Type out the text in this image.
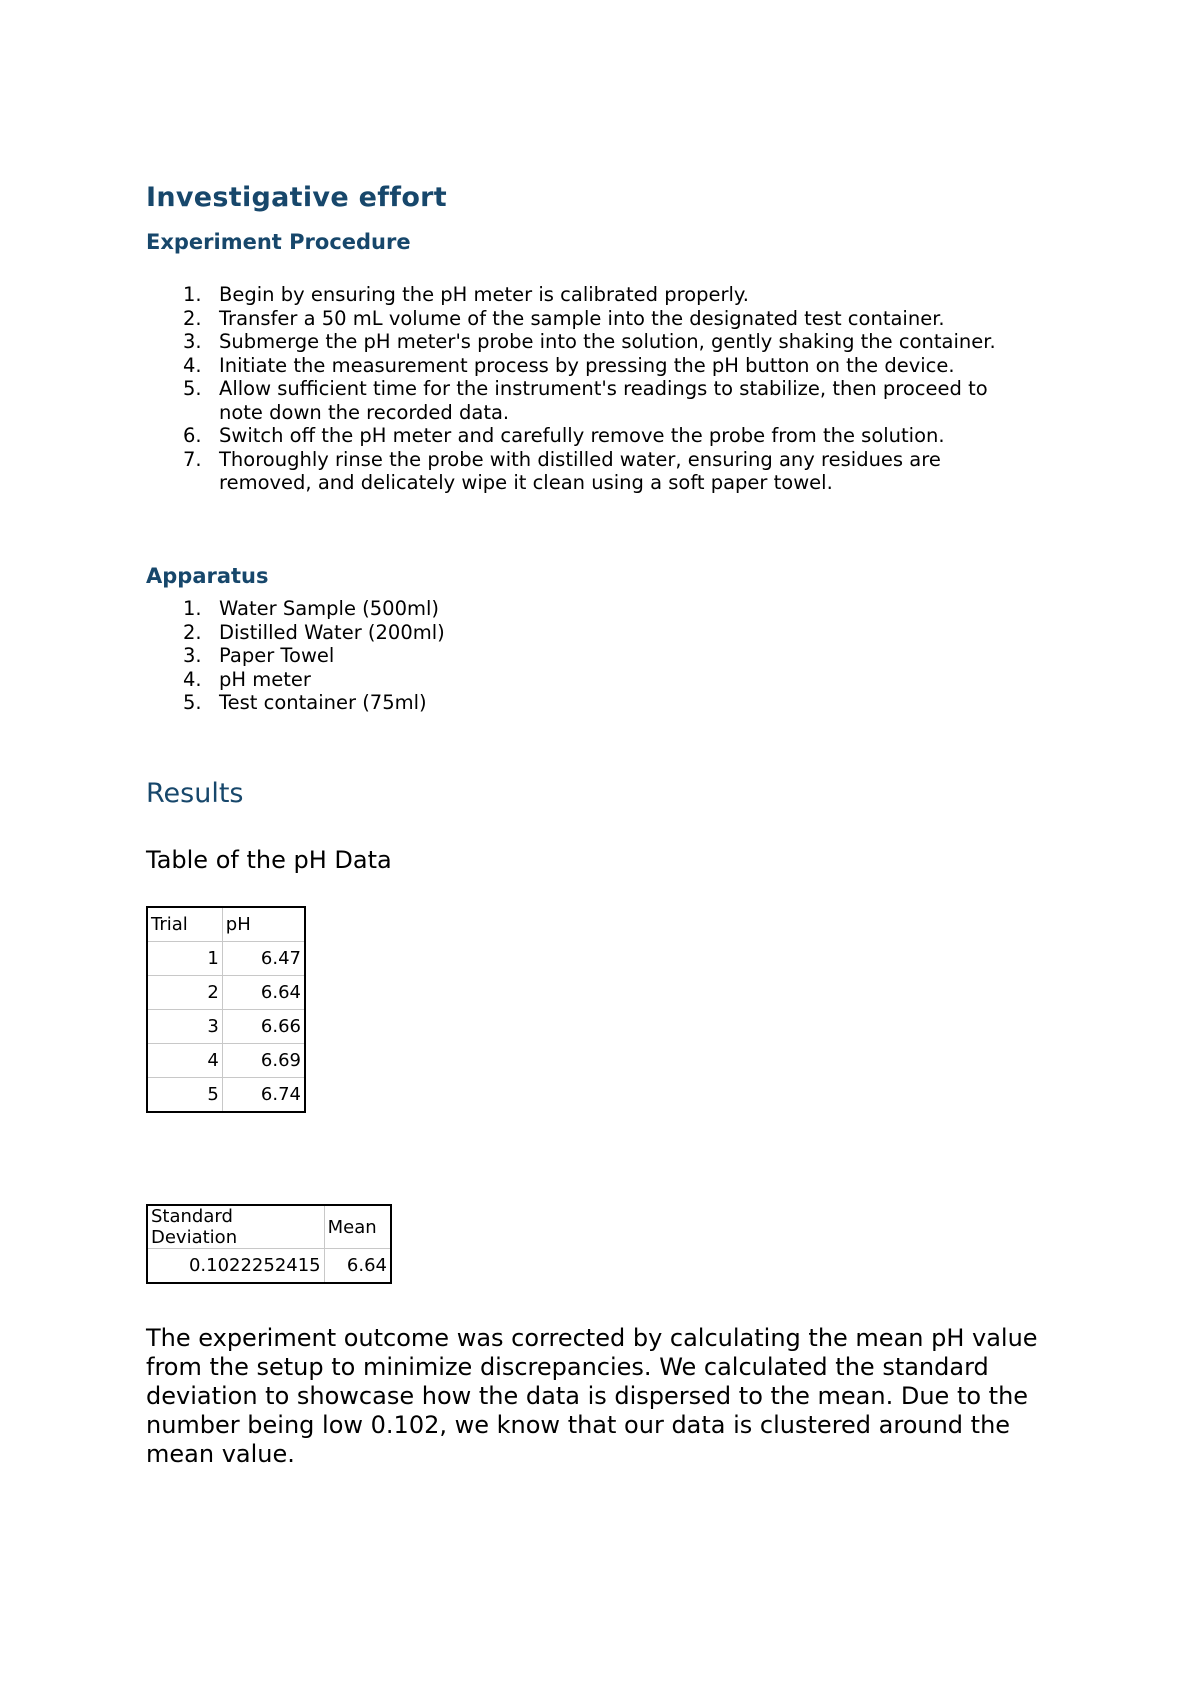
Investigative effort
Experiment Procedure
1. Begin by ensuring the pH meter is calibrated properly.
2. Transfer a 50 mL volume of the sample into the designated test container.
3. Submerge the pH meter's probe into the solution, gently shaking the container.
4. Initiate the measurement process by pressing the pH button on the device.
5. Allow sufficient time for the instrument's readings to stabilize, then proceed to
note down the recorded data.
6. Switch off the pH meter and carefully remove the probe from the solution.
7. Thoroughly rinse the probe with distilled water, ensuring any residues are
removed, and delicately wipe it clean using a soft paper towel.
Apparatus
1. Water Sample (500ml)
2. Distilled Water (200ml)
3. Paper Towel
4. pH meter
5. Test container (75ml)
Results

Table of the pH Data

Trial	pH
1	6.47
2	6.64
3	6.66
4	6.69
5	6.74
Standard Deviation	Mean
0.1022252415	6.64

The experiment outcome was corrected by calculating the mean pH value
from the setup to minimize discrepancies. We calculated the standard
deviation to showcase how the data is dispersed to the mean. Due to the
number being low 0.102, we know that our data is clustered around the
mean value.
